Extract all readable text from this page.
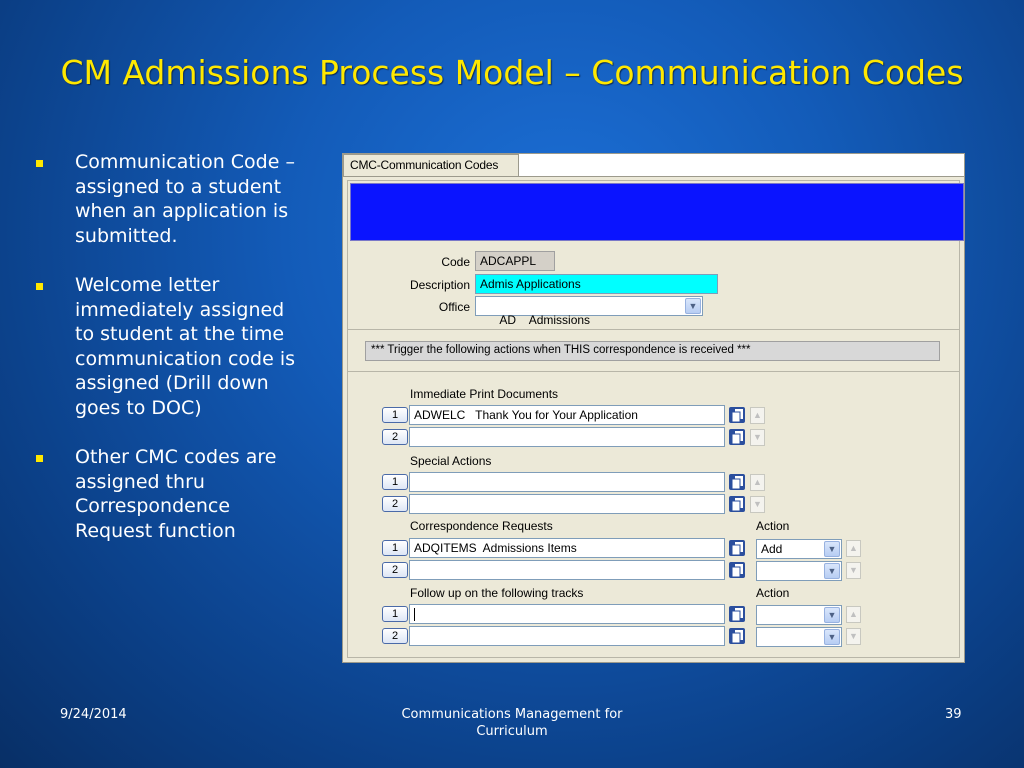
CM Admissions Process Model – Communication Codes
Communication Code – assigned to a student when an application is submitted.
Welcome letter immediately assigned to student at the time communication code is assigned (Drill down goes to DOC)
Other CMC codes are assigned thru Correspondence Request function
CMC-Communication Codes
Code ADCAPPL
Description Admis Applications
Office

AD    Admissions

▼

*** Trigger the following actions when THIS correspondence is received ***
Immediate Print Documents
1	ADWELC   Thank You for Your Application	▲
2	▼
Special Actions
1	▲
2	▼
Correspondence Requests	Action
1	ADQITEMS  Admissions Items	Add	▼	▲
2	▼	▼
Follow up on the following tracks	Action
1	▼	▲
2	▼	▼
9/24/2014	Communications Management for Curriculum
39
